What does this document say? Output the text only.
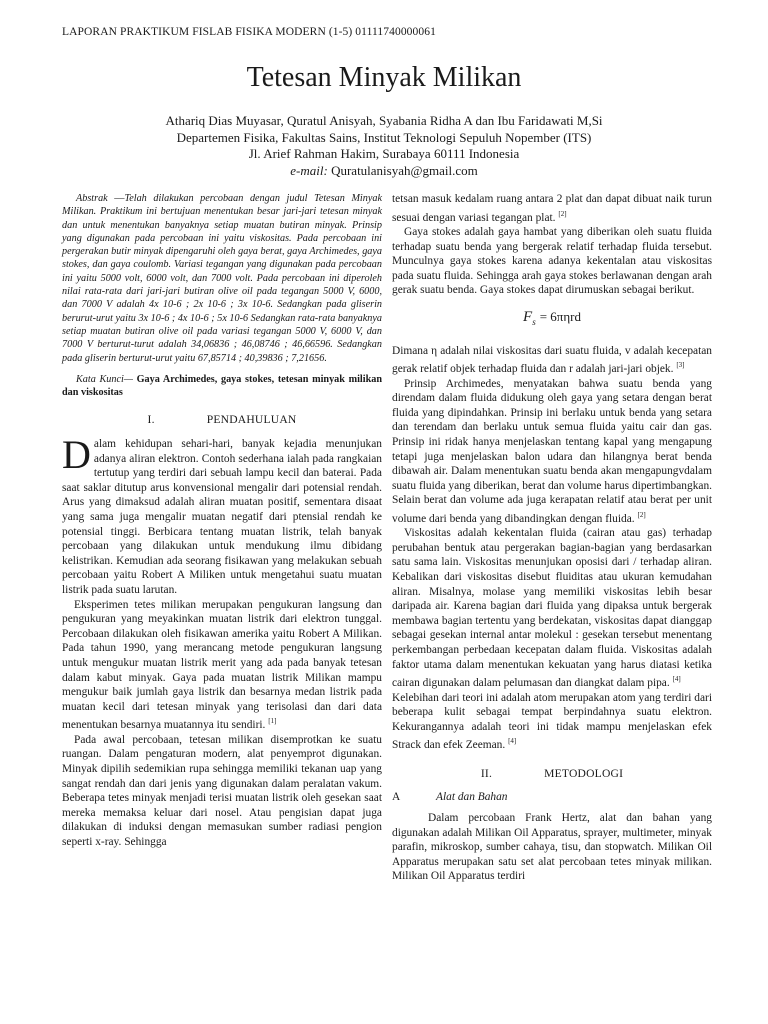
LAPORAN PRAKTIKUM FISLAB FISIKA MODERN (1-5) 01111740000061
Tetesan Minyak Milikan
Athariq Dias Muyasar, Quratul Anisyah, Syabania Ridha A dan Ibu Faridawati M,Si
Departemen Fisika, Fakultas Sains, Institut Teknologi Sepuluh Nopember (ITS)
Jl. Arief Rahman Hakim, Surabaya 60111 Indonesia
e-mail: Quratulanisyah@gmail.com

Abstrak ––Telah dilakukan percobaan dengan judul Tetesan Minyak Milikan. Praktikum ini bertujuan menentukan besar jari-jari tetesan minyak dan untuk menentukan banyaknya setiap muatan butiran minyak. Prinsip yang digunakan pada percobaan ini yaitu viskositas. Pada percobaan ini pergerakan butir minyak dipengaruhi oleh gaya berat, gaya Archimedes, gaya stokes, dan gaya coulomb. Variasi tegangan yang digunakan pada percobaan ini yaitu 5000 volt, 6000 volt, dan 7000 volt. Pada percobaan ini diperoleh nilai rata-rata dari jari-jari butiran olive oil pada tegangan 5000 V, 6000, dan 7000 V adalah 4x 10-6 ; 2x 10-6 ; 3x 10-6. Sedangkan pada gliserin berurut-urut yaitu 3x 10-6 ; 4x 10-6 ; 5x 10-6 Sedangkan rata-rata banyaknya setiap muatan butiran olive oil pada variasi tegangan 5000 V, 6000 V, dan 7000 V berturut-turut adalah 34,06836 ; 46,08746 ; 46,66596. Sedangkan pada gliserin berturut-urut yaitu 67,85714 ; 40,39836 ; 7,21656.

Kata Kunci— Gaya Archimedes, gaya stokes, tetesan minyak milikan dan viskositas

I.	PENDAHULUAN

Dalam kehidupan sehari-hari, banyak kejadia menunjukan adanya aliran elektron. Contoh sederhana ialah pada rangkaian tertutup yang terdiri dari sebuah lampu kecil dan baterai. Pada saat saklar ditutup arus konvensional mengalir dari potensial rendah. Arus yang dimaksud adalah aliran muatan positif, sementara disaat yang sama juga mengalir muatan negatif dari ptensial rendah ke potensial tinggi. Berbicara tentang muatan listrik, telah banyak percobaan yang dilakukan untuk mendukung ilmu dibidang kelistrikan. Kemudian ada seorang fisikawan yang melakukan sebuah percobaan yaitu Robert A Miliken untuk mengetahui suatu muatan listrik pada suatu larutan.

Eksperimen tetes milikan merupakan pengukuran langsung dan pengukuran yang meyakinkan muatan listrik dari elektron tunggal. Percobaan dilakukan oleh fisikawan amerika yaitu Robert A Milikan. Pada tahun 1990, yang merancang metode pengukuran langsung untuk mengukur muatan listrik merit yang ada pada banyak tetesan dalam kabut minyak. Gaya pada muatan listrik Milikan mampu mengukur baik jumlah gaya listrik dan besarnya medan listrik pada muatan kecil dari tetesan minyak yang terisolasi dan dari data menentukan besarnya muatannya itu sendiri. [1]

Pada awal percobaan, tetesan milikan disemprotkan ke suatu ruangan. Dalam pengaturan modern, alat penyemprot digunakan. Minyak dipilih sedemikian rupa sehingga memiliki tekanan uap yang sangat rendah dan dari jenis yang digunakan dalam peralatan vakum. Beberapa tetes minyak menjadi terisi muatan listrik oleh gesekan saat mereka memaksa keluar dari nosel. Atau pengisian dapat juga dilakukan di induksi dengan memasukan sumber radiasi pengion seperti x-ray. Sehingga

tetsan masuk kedalam ruang antara 2 plat dan dapat dibuat naik turun sesuai dengan variasi tegangan plat. [2]

Gaya stokes adalah gaya hambat yang diberikan oleh suatu fluida terhadap suatu benda yang bergerak relatif terhadap fluida tersebut. Munculnya gaya stokes karena adanya kekentalan atau viskositas pada suatu fluida. Sehingga arah gaya stokes berlawanan dengan arah gerak suatu benda. Gaya stokes dapat dirumuskan sebagai berikut.

$F_s = 6\pi\eta rd$

Dimana η adalah nilai viskositas dari suatu fluida, v adalah kecepatan gerak relatif objek terhadap fluida dan r adalah jari-jari objek. [3]

Prinsip Archimedes, menyatakan bahwa suatu benda yang direndam dalam fluida didukung oleh gaya yang setara dengan berat fluida yang dipindahkan. Prinsip ini berlaku untuk benda yang setara dan terendam dan berlaku untuk semua fluida yaitu cair dan gas. Prinsip ini ridak hanya menjelaskan tentang kapal yang mengapung tetapi juga menjelaskan balon udara dan hilangnya berat benda dibawah air. Dalam menentukan suatu benda akan mengapungvdalam suatu fluida yang diberikan, berat dan volume harus dipertimbangkan. Selain berat dan volume ada juga kerapatan relatif atau berat per unit volume dari benda yang dibandingkan dengan fluida. [2]

Viskositas adalah kekentalan fluida (cairan atau gas) terhadap perubahan bentuk atau pergerakan bagian-bagian yang berdasarkan satu sama lain. Viskositas menunjukan oposisi dari / terhadap aliran. Kebalikan dari viskositas disebut fluiditas atau ukuran kemudahan aliran. Misalnya, molase yang memiliki viskositas lebih besar daripada air. Karena bagian dari fluida yang dipaksa untuk bergerak membawa bagian tertentu yang berdekatan, viskositas dapat dianggap sebagai gesekan internal antar molekul : gesekan tersebut menentang perkembangan perbedaan kecepatan dalam fluida. Viskositas adalah faktor utama dalam menentukan kekuatan yang harus diatasi ketika cairan digunakan dalam pelumasan dan diangkat dalam pipa. [4]

Kelebihan dari teori ini adalah atom merupakan atom yang terdiri dari beberapa kulit sebagai tempat berpindahnya suatu elektron. Kekurangannya adalah teori ini tidak mampu menjelaskan efek Strack dan efek Zeeman. [4]

II.	METODOLOGI
A	Alat dan Bahan

Dalam percobaan Frank Hertz, alat dan bahan yang digunakan adalah Milikan Oil Apparatus, sprayer, multimeter, minyak parafin, mikroskop, sumber cahaya, tisu, dan stopwatch. Milikan Oil Apparatus merupakan satu set alat percobaan tetes minyak milikan. Milikan Oil Apparatus terdiri
